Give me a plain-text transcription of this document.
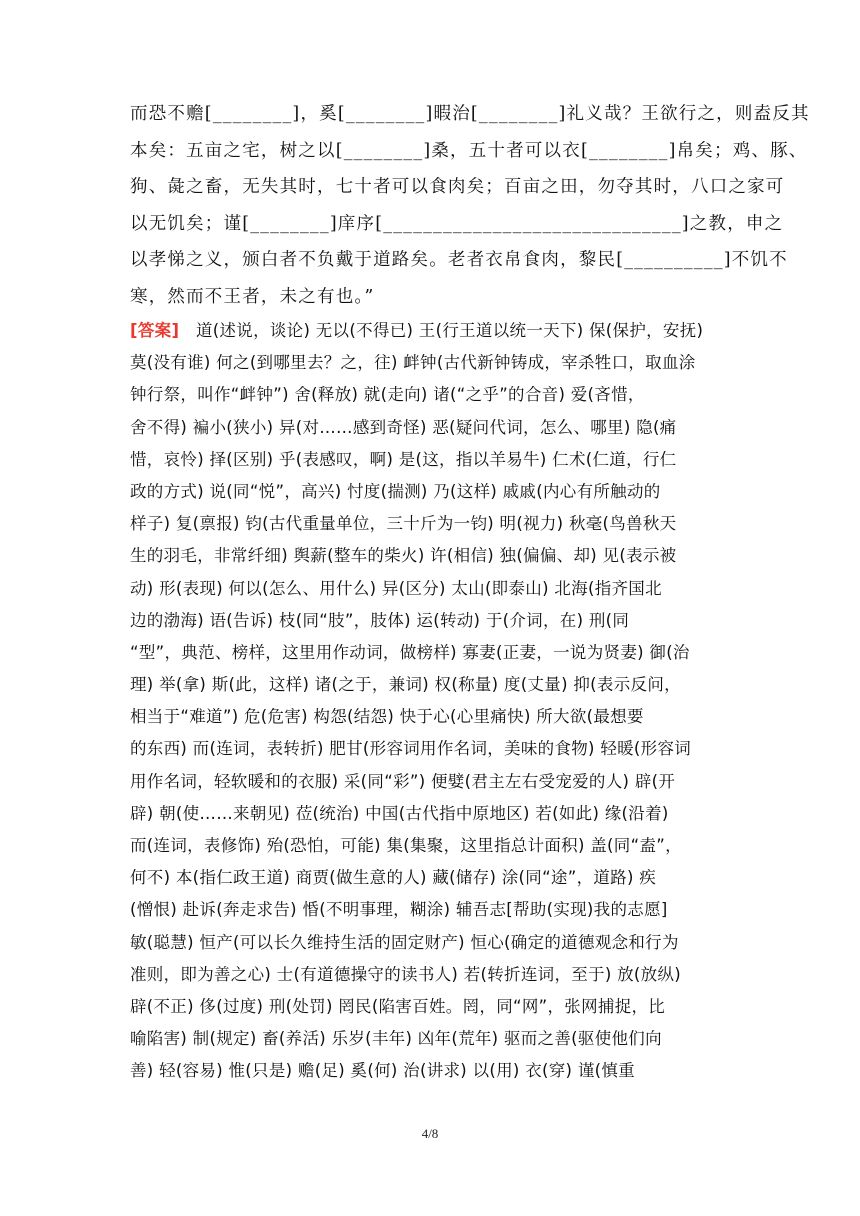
而恐不赡[________]，奚[________]暇治[________]礼义哉？王欲行之，则盍反其
本矣：五亩之宅，树之以[________]桑，五十者可以衣[________]帛矣；鸡、豚、
狗、彘之畜，无失其时，七十者可以食肉矣；百亩之田，勿夺其时，八口之家可
以无饥矣；谨[________]庠序[______________________________]之教，申之
以孝悌之义，颁白者不负戴于道路矣。老者衣帛食肉，黎民[__________]不饥不
寒，然而不王者，未之有也。”
[答案] 道(述说，谈论) 无以(不得已) 王(行王道以统一天下) 保(保护，安抚)
莫(没有谁) 何之(到哪里去？之，往) 衅钟(古代新钟铸成，宰杀牲口，取血涂
钟行祭，叫作“衅钟”) 舍(释放) 就(走向) 诸(“之乎”的合音) 爱(吝惜，
舍不得) 褊小(狭小) 异(对……感到奇怪) 恶(疑问代词，怎么、哪里) 隐(痛
惜，哀怜) 择(区别) 乎(表感叹，啊) 是(这，指以羊易牛) 仁术(仁道，行仁
政的方式) 说(同“悦”，高兴) 忖度(揣测) 乃(这样) 戚戚(内心有所触动的
样子) 复(禀报) 钧(古代重量单位，三十斤为一钧) 明(视力) 秋毫(鸟兽秋天
生的羽毛，非常纤细) 舆薪(整车的柴火) 许(相信) 独(偏偏、却) 见(表示被
动) 形(表现) 何以(怎么、用什么) 异(区分) 太山(即泰山) 北海(指齐国北
边的渤海) 语(告诉) 枝(同“肢”，肢体) 运(转动) 于(介词，在) 刑(同
“型”，典范、榜样，这里用作动词，做榜样) 寡妻(正妻，一说为贤妻) 御(治
理) 举(拿) 斯(此，这样) 诸(之于，兼词) 权(称量) 度(丈量) 抑(表示反问，
相当于“难道”) 危(危害) 构怨(结怨) 快于心(心里痛快) 所大欲(最想要
的东西) 而(连词，表转折) 肥甘(形容词用作名词，美味的食物) 轻暖(形容词
用作名词，轻软暖和的衣服) 采(同“彩”) 便嬖(君主左右受宠爱的人) 辟(开
辟) 朝(使……来朝见) 莅(统治) 中国(古代指中原地区) 若(如此) 缘(沿着)
而(连词，表修饰) 殆(恐怕，可能) 集(集聚，这里指总计面积) 盖(同“盍”，
何不) 本(指仁政王道) 商贾(做生意的人) 藏(储存) 涂(同“途”，道路) 疾
(憎恨) 赴诉(奔走求告) 惛(不明事理，糊涂) 辅吾志[帮助(实现)我的志愿]
敏(聪慧) 恒产(可以长久维持生活的固定财产) 恒心(确定的道德观念和行为
准则，即为善之心) 士(有道德操守的读书人) 若(转折连词，至于) 放(放纵)
辟(不正) 侈(过度) 刑(处罚) 罔民(陷害百姓。罔，同“网”，张网捕捉，比
喻陷害) 制(规定) 畜(养活) 乐岁(丰年) 凶年(荒年) 驱而之善(驱使他们向
善) 轻(容易) 惟(只是) 赡(足) 奚(何) 治(讲求) 以(用) 衣(穿) 谨(慎重
4/8
